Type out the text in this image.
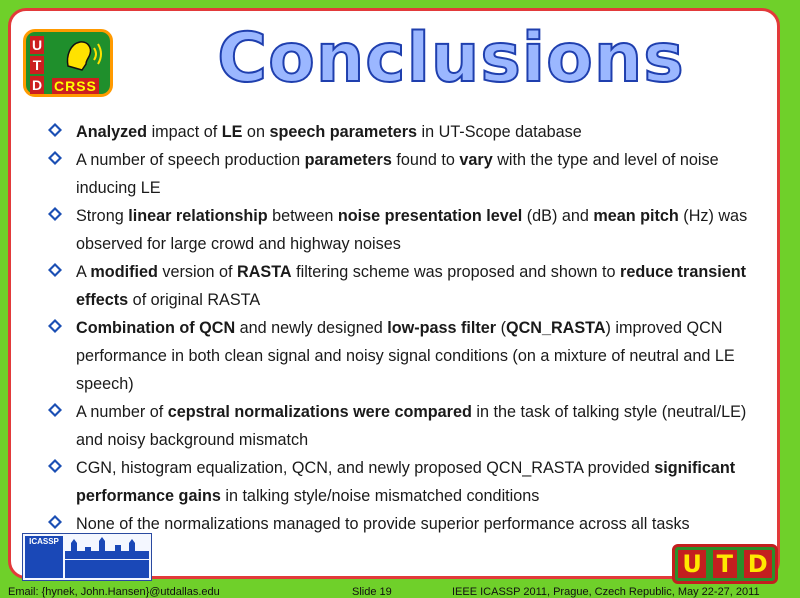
U
T
D CRSS Conclusions
Analyzed impact of LE on speech parameters in UT-Scope database
A number of speech production parameters found to vary with the type and level of noise inducing LE
Strong linear relationship between noise presentation level (dB) and mean pitch (Hz) was observed for large crowd and highway noises
A modified version of RASTA filtering scheme was proposed and shown to reduce transient effects of original RASTA
Combination of QCN and newly designed low-pass filter (QCN_RASTA) improved QCN performance in both clean signal and noisy signal conditions (on a mixture of neutral and LE speech)
A number of cepstral normalizations were compared in the task of talking style (neutral/LE) and noisy background mismatch
CGN, histogram equalization, QCN, and newly proposed QCN_RASTA provided significant performance gains in talking style/noise mismatched conditions
None of the normalizations managed to provide superior performance across all tasks
ICASSP
U T D
Email: {hynek, John.Hansen}@utdallas.edu	Slide 19	IEEE ICASSP 2011, Prague, Czech Republic, May 22-27, 2011
